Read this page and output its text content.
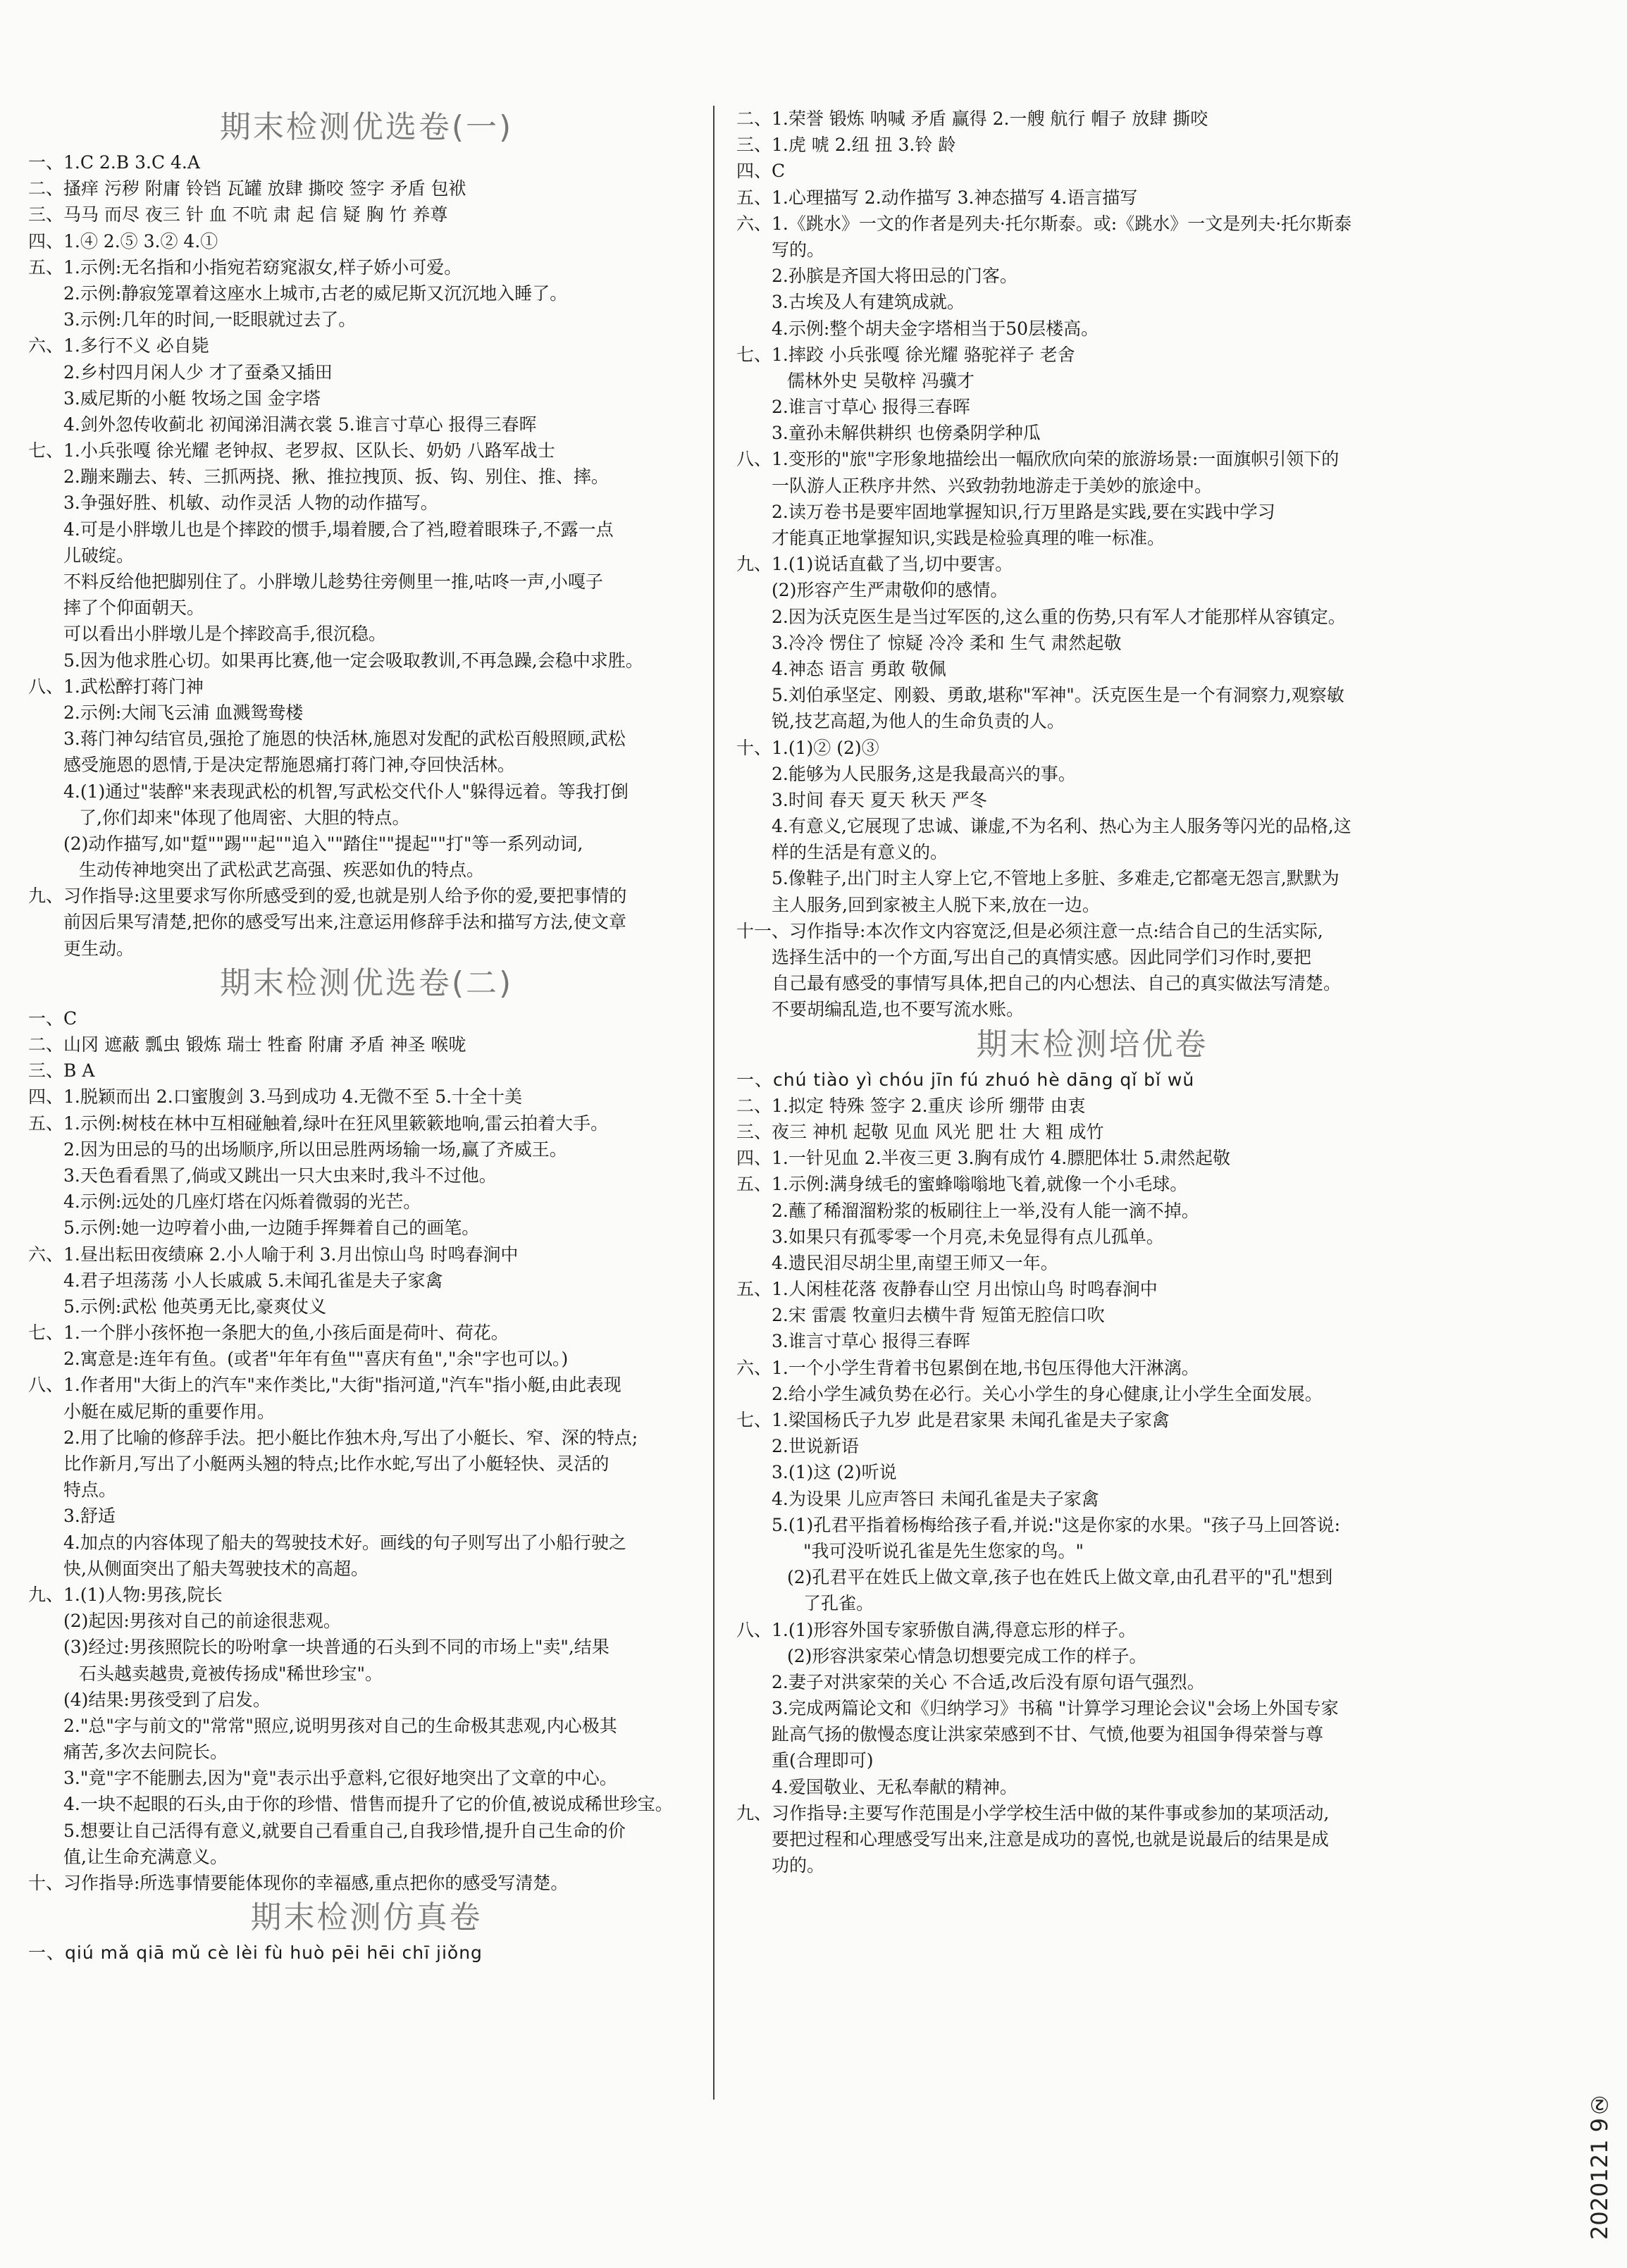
期末检测优选卷(一)
一、1.C 2.B 3.C 4.A
二、搔痒 污秽 附庸 铃铛 瓦罐 放肆 撕咬 签字 矛盾 包袱
三、马马 而尽 夜三 针 血 不吭 肃 起 信 疑 胸 竹 养尊
四、1.④ 2.⑤ 3.② 4.①
五、1.示例:无名指和小指宛若窈窕淑女,样子娇小可爱。
2.示例:静寂笼罩着这座水上城市,古老的威尼斯又沉沉地入睡了。
3.示例:几年的时间,一眨眼就过去了。
六、1.多行不义 必自毙
2.乡村四月闲人少 才了蚕桑又插田
3.威尼斯的小艇 牧场之国 金字塔
4.剑外忽传收蓟北 初闻涕泪满衣裳 5.谁言寸草心 报得三春晖
七、1.小兵张嘎 徐光耀 老钟叔、老罗叔、区队长、奶奶 八路军战士
2.蹦来蹦去、转、三抓两挠、揪、推拉拽顶、扳、钩、别住、推、摔。
3.争强好胜、机敏、动作灵活 人物的动作描写。
4.可是小胖墩儿也是个摔跤的惯手,塌着腰,合了裆,瞪着眼珠子,不露一点
儿破绽。
不料反给他把脚别住了。小胖墩儿趁势往旁侧里一推,咕咚一声,小嘎子
摔了个仰面朝天。
可以看出小胖墩儿是个摔跤高手,很沉稳。
5.因为他求胜心切。如果再比赛,他一定会吸取教训,不再急躁,会稳中求胜。
八、1.武松醉打蒋门神
2.示例:大闹飞云浦 血溅鸳鸯楼
3.蒋门神勾结官员,强抢了施恩的快活林,施恩对发配的武松百般照顾,武松
感受施恩的恩情,于是决定帮施恩痛打蒋门神,夺回快活林。
4.(1)通过"装醉"来表现武松的机智,写武松交代仆人"躲得远着。等我打倒
了,你们却来"体现了他周密、大胆的特点。
(2)动作描写,如"踅""踢""起""追入""踏住""提起""打"等一系列动词,
生动传神地突出了武松武艺高强、疾恶如仇的特点。
九、习作指导:这里要求写你所感受到的爱,也就是别人给予你的爱,要把事情的
前因后果写清楚,把你的感受写出来,注意运用修辞手法和描写方法,使文章
更生动。
期末检测优选卷(二)
一、C
二、山冈 遮蔽 瓢虫 锻炼 瑞士 牲畜 附庸 矛盾 神圣 喉咙
三、B A
四、1.脱颖而出 2.口蜜腹剑 3.马到成功 4.无微不至 5.十全十美
五、1.示例:树枝在林中互相碰触着,绿叶在狂风里簌簌地响,雷云拍着大手。
2.因为田忌的马的出场顺序,所以田忌胜两场输一场,赢了齐威王。
3.天色看看黑了,倘或又跳出一只大虫来时,我斗不过他。
4.示例:远处的几座灯塔在闪烁着微弱的光芒。
5.示例:她一边哼着小曲,一边随手挥舞着自己的画笔。
六、1.昼出耘田夜绩麻 2.小人喻于利 3.月出惊山鸟 时鸣春涧中
4.君子坦荡荡 小人长戚戚 5.未闻孔雀是夫子家禽
5.示例:武松 他英勇无比,豪爽仗义
七、1.一个胖小孩怀抱一条肥大的鱼,小孩后面是荷叶、荷花。
2.寓意是:连年有鱼。(或者"年年有鱼""喜庆有鱼","余"字也可以。)
八、1.作者用"大街上的汽车"来作类比,"大街"指河道,"汽车"指小艇,由此表现
小艇在威尼斯的重要作用。
2.用了比喻的修辞手法。把小艇比作独木舟,写出了小艇长、窄、深的特点;
比作新月,写出了小艇两头翘的特点;比作水蛇,写出了小艇轻快、灵活的
特点。
3.舒适
4.加点的内容体现了船夫的驾驶技术好。画线的句子则写出了小船行驶之
快,从侧面突出了船夫驾驶技术的高超。
九、1.(1)人物:男孩,院长
(2)起因:男孩对自己的前途很悲观。
(3)经过:男孩照院长的吩咐拿一块普通的石头到不同的市场上"卖",结果
石头越卖越贵,竟被传扬成"稀世珍宝"。
(4)结果:男孩受到了启发。
2."总"字与前文的"常常"照应,说明男孩对自己的生命极其悲观,内心极其
痛苦,多次去问院长。
3."竟"字不能删去,因为"竟"表示出乎意料,它很好地突出了文章的中心。
4.一块不起眼的石头,由于你的珍惜、惜售而提升了它的价值,被说成稀世珍宝。
5.想要让自己活得有意义,就要自己看重自己,自我珍惜,提升自己生命的价
值,让生命充满意义。
十、习作指导:所选事情要能体现你的幸福感,重点把你的感受写清楚。
期末检测仿真卷
一、qiú mǎ qiā mǔ cè lèi fù huò pēi hēi chī jiǒng
二、1.荣誉 锻炼 呐喊 矛盾 赢得 2.一艘 航行 帽子 放肆 撕咬
三、1.虎 唬 2.纽 扭 3.铃 龄
四、C
五、1.心理描写 2.动作描写 3.神态描写 4.语言描写
六、1.《跳水》一文的作者是列夫·托尔斯泰。或:《跳水》一文是列夫·托尔斯泰
写的。
2.孙膑是齐国大将田忌的门客。
3.古埃及人有建筑成就。
4.示例:整个胡夫金字塔相当于50层楼高。
七、1.摔跤 小兵张嘎 徐光耀 骆驼祥子 老舍
儒林外史 吴敬梓 冯骥才
2.谁言寸草心 报得三春晖
3.童孙未解供耕织 也傍桑阴学种瓜
八、1.变形的"旅"字形象地描绘出一幅欣欣向荣的旅游场景:一面旗帜引领下的
一队游人正秩序井然、兴致勃勃地游走于美妙的旅途中。
2.读万卷书是要牢固地掌握知识,行万里路是实践,要在实践中学习
才能真正地掌握知识,实践是检验真理的唯一标准。
九、1.(1)说话直截了当,切中要害。
(2)形容产生严肃敬仰的感情。
2.因为沃克医生是当过军医的,这么重的伤势,只有军人才能那样从容镇定。
3.冷冷 愣住了 惊疑 冷冷 柔和 生气 肃然起敬
4.神态 语言 勇敢 敬佩
5.刘伯承坚定、刚毅、勇敢,堪称"军神"。沃克医生是一个有洞察力,观察敏
锐,技艺高超,为他人的生命负责的人。
十、1.(1)② (2)③
2.能够为人民服务,这是我最高兴的事。
3.时间 春天 夏天 秋天 严冬
4.有意义,它展现了忠诚、谦虚,不为名利、热心为主人服务等闪光的品格,这
样的生活是有意义的。
5.像鞋子,出门时主人穿上它,不管地上多脏、多难走,它都毫无怨言,默默为
主人服务,回到家被主人脱下来,放在一边。
十一、习作指导:本次作文内容宽泛,但是必须注意一点:结合自己的生活实际,
选择生活中的一个方面,写出自己的真情实感。因此同学们习作时,要把
自己最有感受的事情写具体,把自己的内心想法、自己的真实做法写清楚。
不要胡编乱造,也不要写流水账。
期末检测培优卷
一、chú tiào yì chóu jīn fú zhuó hè dāng qǐ bǐ wǔ
二、1.拟定 特殊 签字 2.重庆 诊所 绷带 由衷
三、夜三 神机 起敬 见血 风光 肥 壮 大 粗 成竹
四、1.一针见血 2.半夜三更 3.胸有成竹 4.膘肥体壮 5.肃然起敬
五、1.示例:满身绒毛的蜜蜂嗡嗡地飞着,就像一个小毛球。
2.蘸了稀溜溜粉浆的板刷往上一举,没有人能一滴不掉。
3.如果只有孤零零一个月亮,未免显得有点儿孤单。
4.遗民泪尽胡尘里,南望王师又一年。
五、1.人闲桂花落 夜静春山空 月出惊山鸟 时鸣春涧中
2.宋 雷震 牧童归去横牛背 短笛无腔信口吹
3.谁言寸草心 报得三春晖
六、1.一个小学生背着书包累倒在地,书包压得他大汗淋漓。
2.给小学生减负势在必行。关心小学生的身心健康,让小学生全面发展。
七、1.梁国杨氏子九岁 此是君家果 未闻孔雀是夫子家禽
2.世说新语
3.(1)这 (2)听说
4.为设果 儿应声答曰 未闻孔雀是夫子家禽
5.(1)孔君平指着杨梅给孩子看,并说:"这是你家的水果。"孩子马上回答说:
"我可没听说孔雀是先生您家的鸟。"
(2)孔君平在姓氏上做文章,孩子也在姓氏上做文章,由孔君平的"孔"想到
了孔雀。
八、1.(1)形容外国专家骄傲自满,得意忘形的样子。
(2)形容洪家荣心情急切想要完成工作的样子。
2.妻子对洪家荣的关心 不合适,改后没有原句语气强烈。
3.完成两篇论文和《归纳学习》书稿 "计算学习理论会议"会场上外国专家
趾高气扬的傲慢态度让洪家荣感到不甘、气愤,他要为祖国争得荣誉与尊
重(合理即可)
4.爱国敬业、无私奉献的精神。
九、习作指导:主要写作范围是小学学校生活中做的某件事或参加的某项活动,
要把过程和心理感受写出来,注意是成功的喜悦,也就是说最后的结果是成
功的。
2020121 9②
